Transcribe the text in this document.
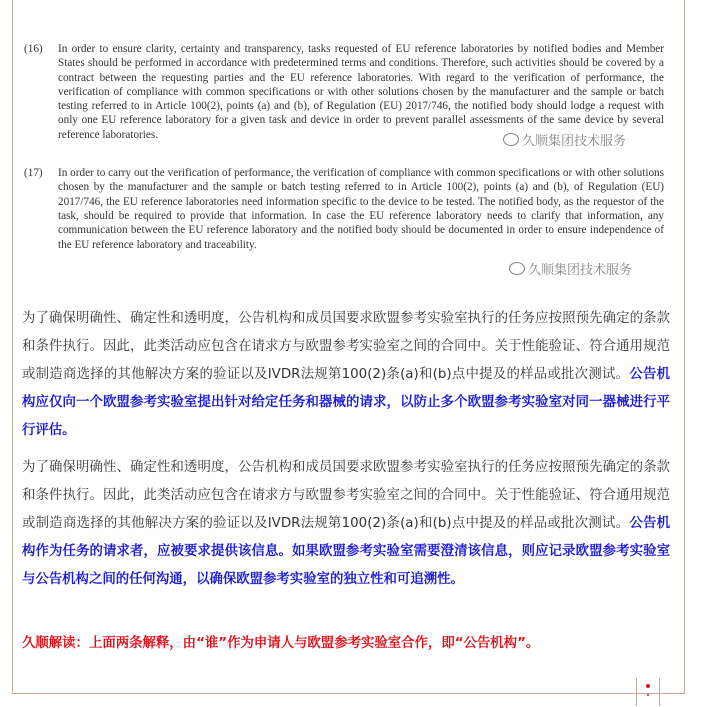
(16)	In order to ensure clarity, certainty and transparency, tasks requested of EU reference laboratories by notified bodies and Member States should be performed in accordance with predetermined terms and conditions. Therefore, such activities should be covered by a contract between the requesting parties and the EU reference laboratories. With regard to the verification of performance, the verification of compliance with common specifications or with other solutions chosen by the manufacturer and the sample or batch testing referred to in Article 100(2), points (a) and (b), of Regulation (EU) 2017/746, the notified body should lodge a request with only one EU reference laboratory for a given task and device in order to prevent parallel assessments of the same device by several reference laboratories.
(17)	In order to carry out the verification of performance, the verification of compliance with common specifications or with other solutions chosen by the manufacturer and the sample or batch testing referred to in Article 100(2), points (a) and (b), of Regulation (EU) 2017/746, the EU reference laboratories need information specific to the device to be tested. The notified body, as the requestor of the task, should be required to provide that information. In case the EU reference laboratory needs to clarify that information, any communication between the EU reference laboratory and the notified body should be documented in order to ensure independence of the EU reference laboratory and traceability.
久顺集团技术服务
久顺集团技术服务
为了确保明确性、确定性和透明度，公告机构和成员国要求欧盟参考实验室执行的任务应按照预先确定的条款和条件执行。因此，此类活动应包含在请求方与欧盟参考实验室之间的合同中。关于性能验证、符合通用规范或制造商选择的其他解决方案的验证以及IVDR法规第100(2)条(a)和(b)点中提及的样品或批次测试。公告机构应仅向一个欧盟参考实验室提出针对给定任务和器械的请求，以防止多个欧盟参考实验室对同一器械进行平行评估。
为了确保明确性、确定性和透明度，公告机构和成员国要求欧盟参考实验室执行的任务应按照预先确定的条款和条件执行。因此，此类活动应包含在请求方与欧盟参考实验室之间的合同中。关于性能验证、符合通用规范或制造商选择的其他解决方案的验证以及IVDR法规第100(2)条(a)和(b)点中提及的样品或批次测试。公告机构作为任务的请求者，应被要求提供该信息。如果欧盟参考实验室需要澄清该信息，则应记录欧盟参考实验室与公告机构之间的任何沟通，以确保欧盟参考实验室的独立性和可追溯性。
久顺解读：上面两条解释，由“谁”作为申请人与欧盟参考实验室合作，即“公告机构”。
